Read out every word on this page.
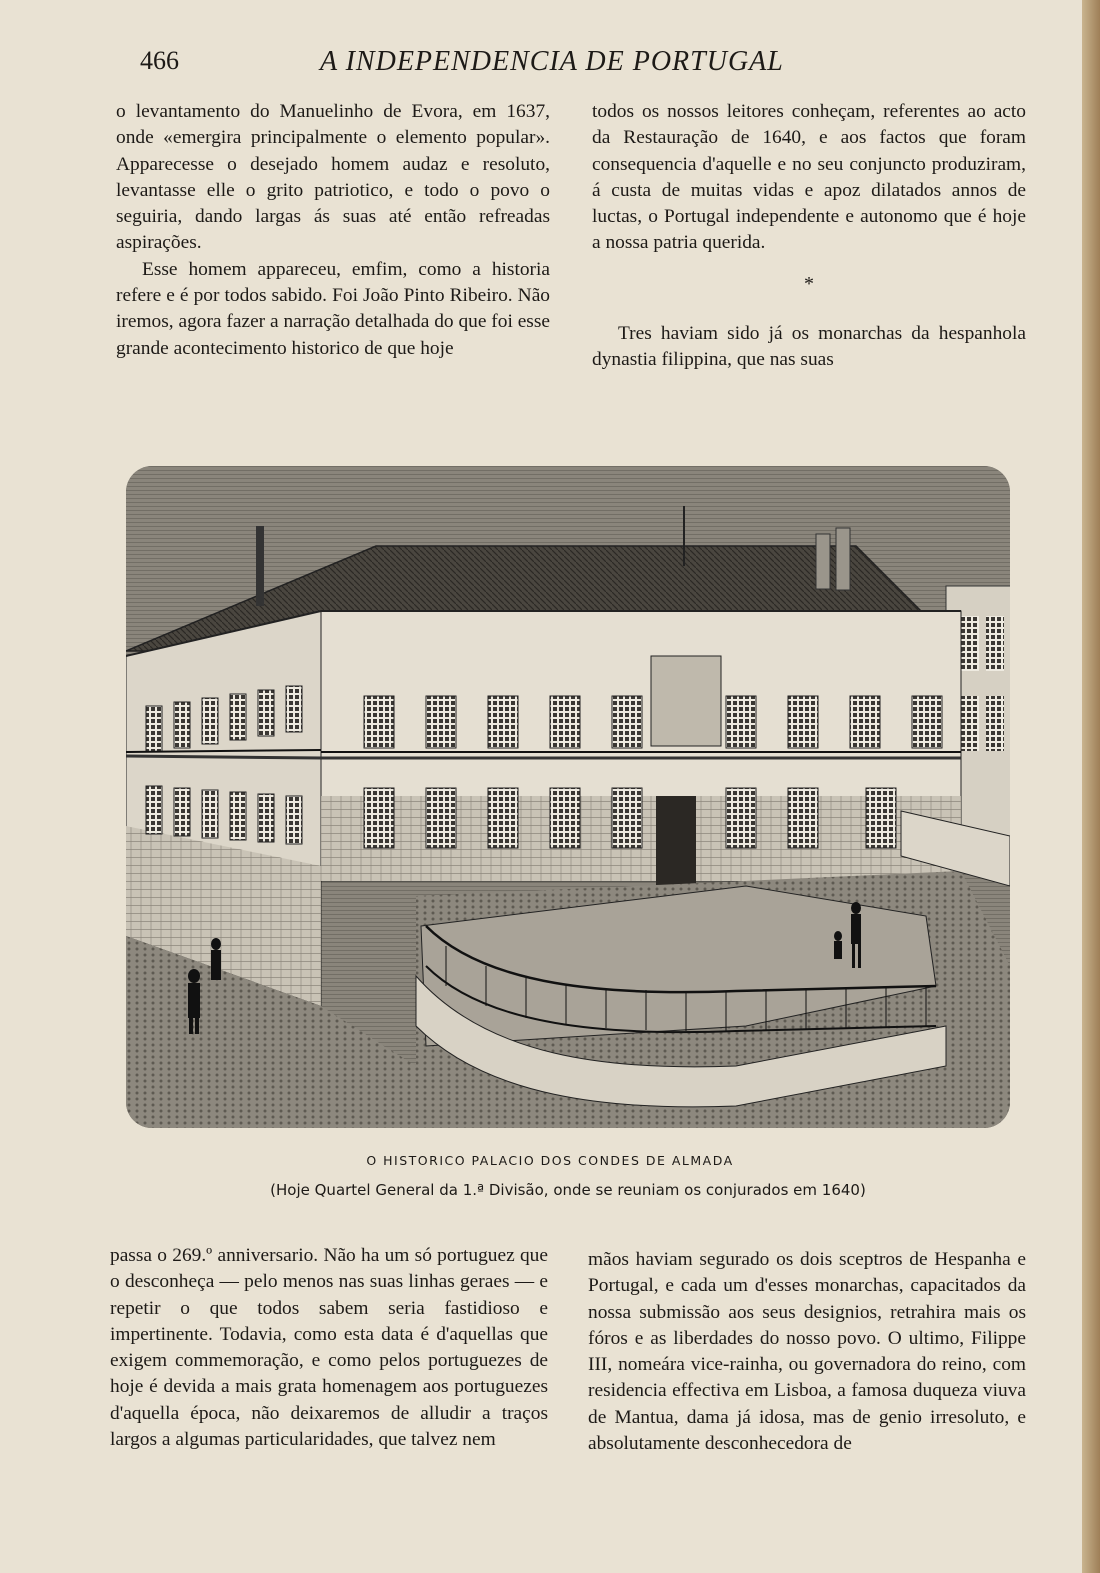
466	A INDEPENDENCIA DE PORTUGAL

o levantamento do Manuelinho de Evora, em 1637, onde «emergira principalmente o elemento popular». Apparecesse o desejado homem audaz e resoluto, levantasse elle o grito patriotico, e todo o povo o seguiria, dando largas ás suas até então refreadas aspirações.

Esse homem appareceu, emfim, como a historia refere e é por todos sabido. Foi João Pinto Ribeiro. Não iremos, agora fazer a narração detalhada do que foi esse grande acontecimento historico de que hoje

todos os nossos leitores conheçam, referentes ao acto da Restauração de 1640, e aos factos que foram consequencia d'aquelle e no seu conjuncto produziram, á custa de muitas vidas e apoz dilatados annos de luctas, o Portugal independente e autonomo que é hoje a nossa patria querida.

*

Tres haviam sido já os monarchas da hespanhola dynastia filippina, que nas suas

O HISTORICO PALACIO DOS CONDES DE ALMADA
(Hoje Quartel General da 1.ª Divisão, onde se reuniam os conjurados em 1640)

passa o 269.º anniversario. Não ha um só portuguez que o desconheça — pelo menos nas suas linhas geraes — e repetir o que todos sabem seria fastidioso e impertinente. Todavia, como esta data é d'aquellas que exigem commemoração, e como pelos portuguezes de hoje é devida a mais grata homenagem aos portuguezes d'aquella época, não deixaremos de alludir a traços largos a algumas particularidades, que talvez nem

mãos haviam segurado os dois sceptros de Hespanha e Portugal, e cada um d'esses monarchas, capacitados da nossa submissão aos seus designios, retrahira mais os fóros e as liberdades do nosso povo. O ultimo, Filippe III, nomeára vice-rainha, ou governadora do reino, com residencia effectiva em Lisboa, a famosa duqueza viuva de Mantua, dama já idosa, mas de genio irresoluto, e absolutamente desconhecedora de
